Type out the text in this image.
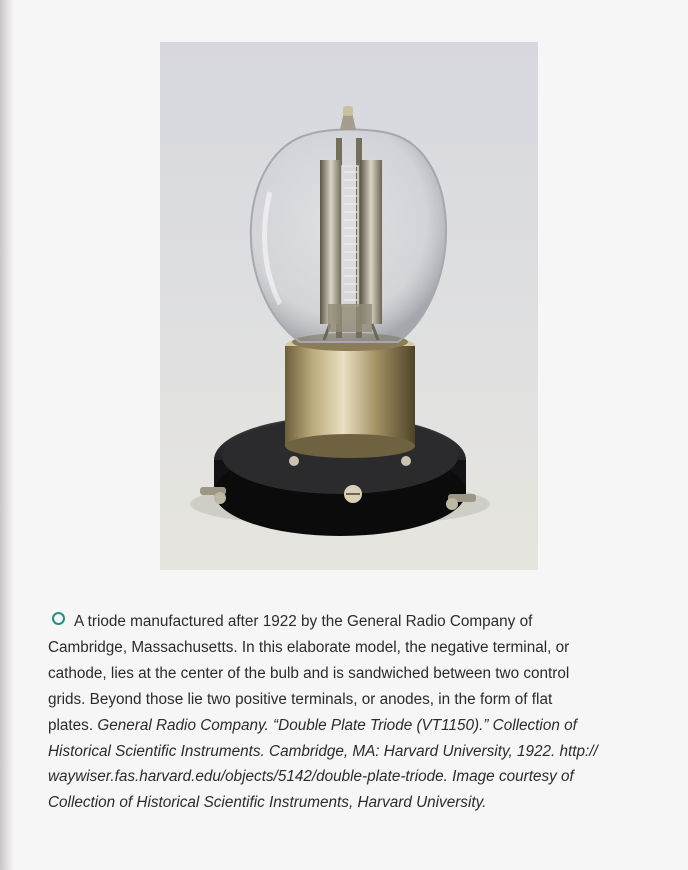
A triode manufactured after 1922 by the General Radio Company of
Cambridge, Massachusetts. In this elaborate model, the negative terminal, or
cathode, lies at the center of the bulb and is sandwiched between two control
grids. Beyond those lie two positive terminals, or anodes, in the form of flat
plates. General Radio Company. “Double Plate Triode (VT1150).” Collection of
Historical Scientific Instruments. Cambridge, MA: Harvard University, 1922. http://
waywiser.fas.harvard.edu/objects/5142/double-plate-triode. Image courtesy of
Collection of Historical Scientific Instruments, Harvard University.
